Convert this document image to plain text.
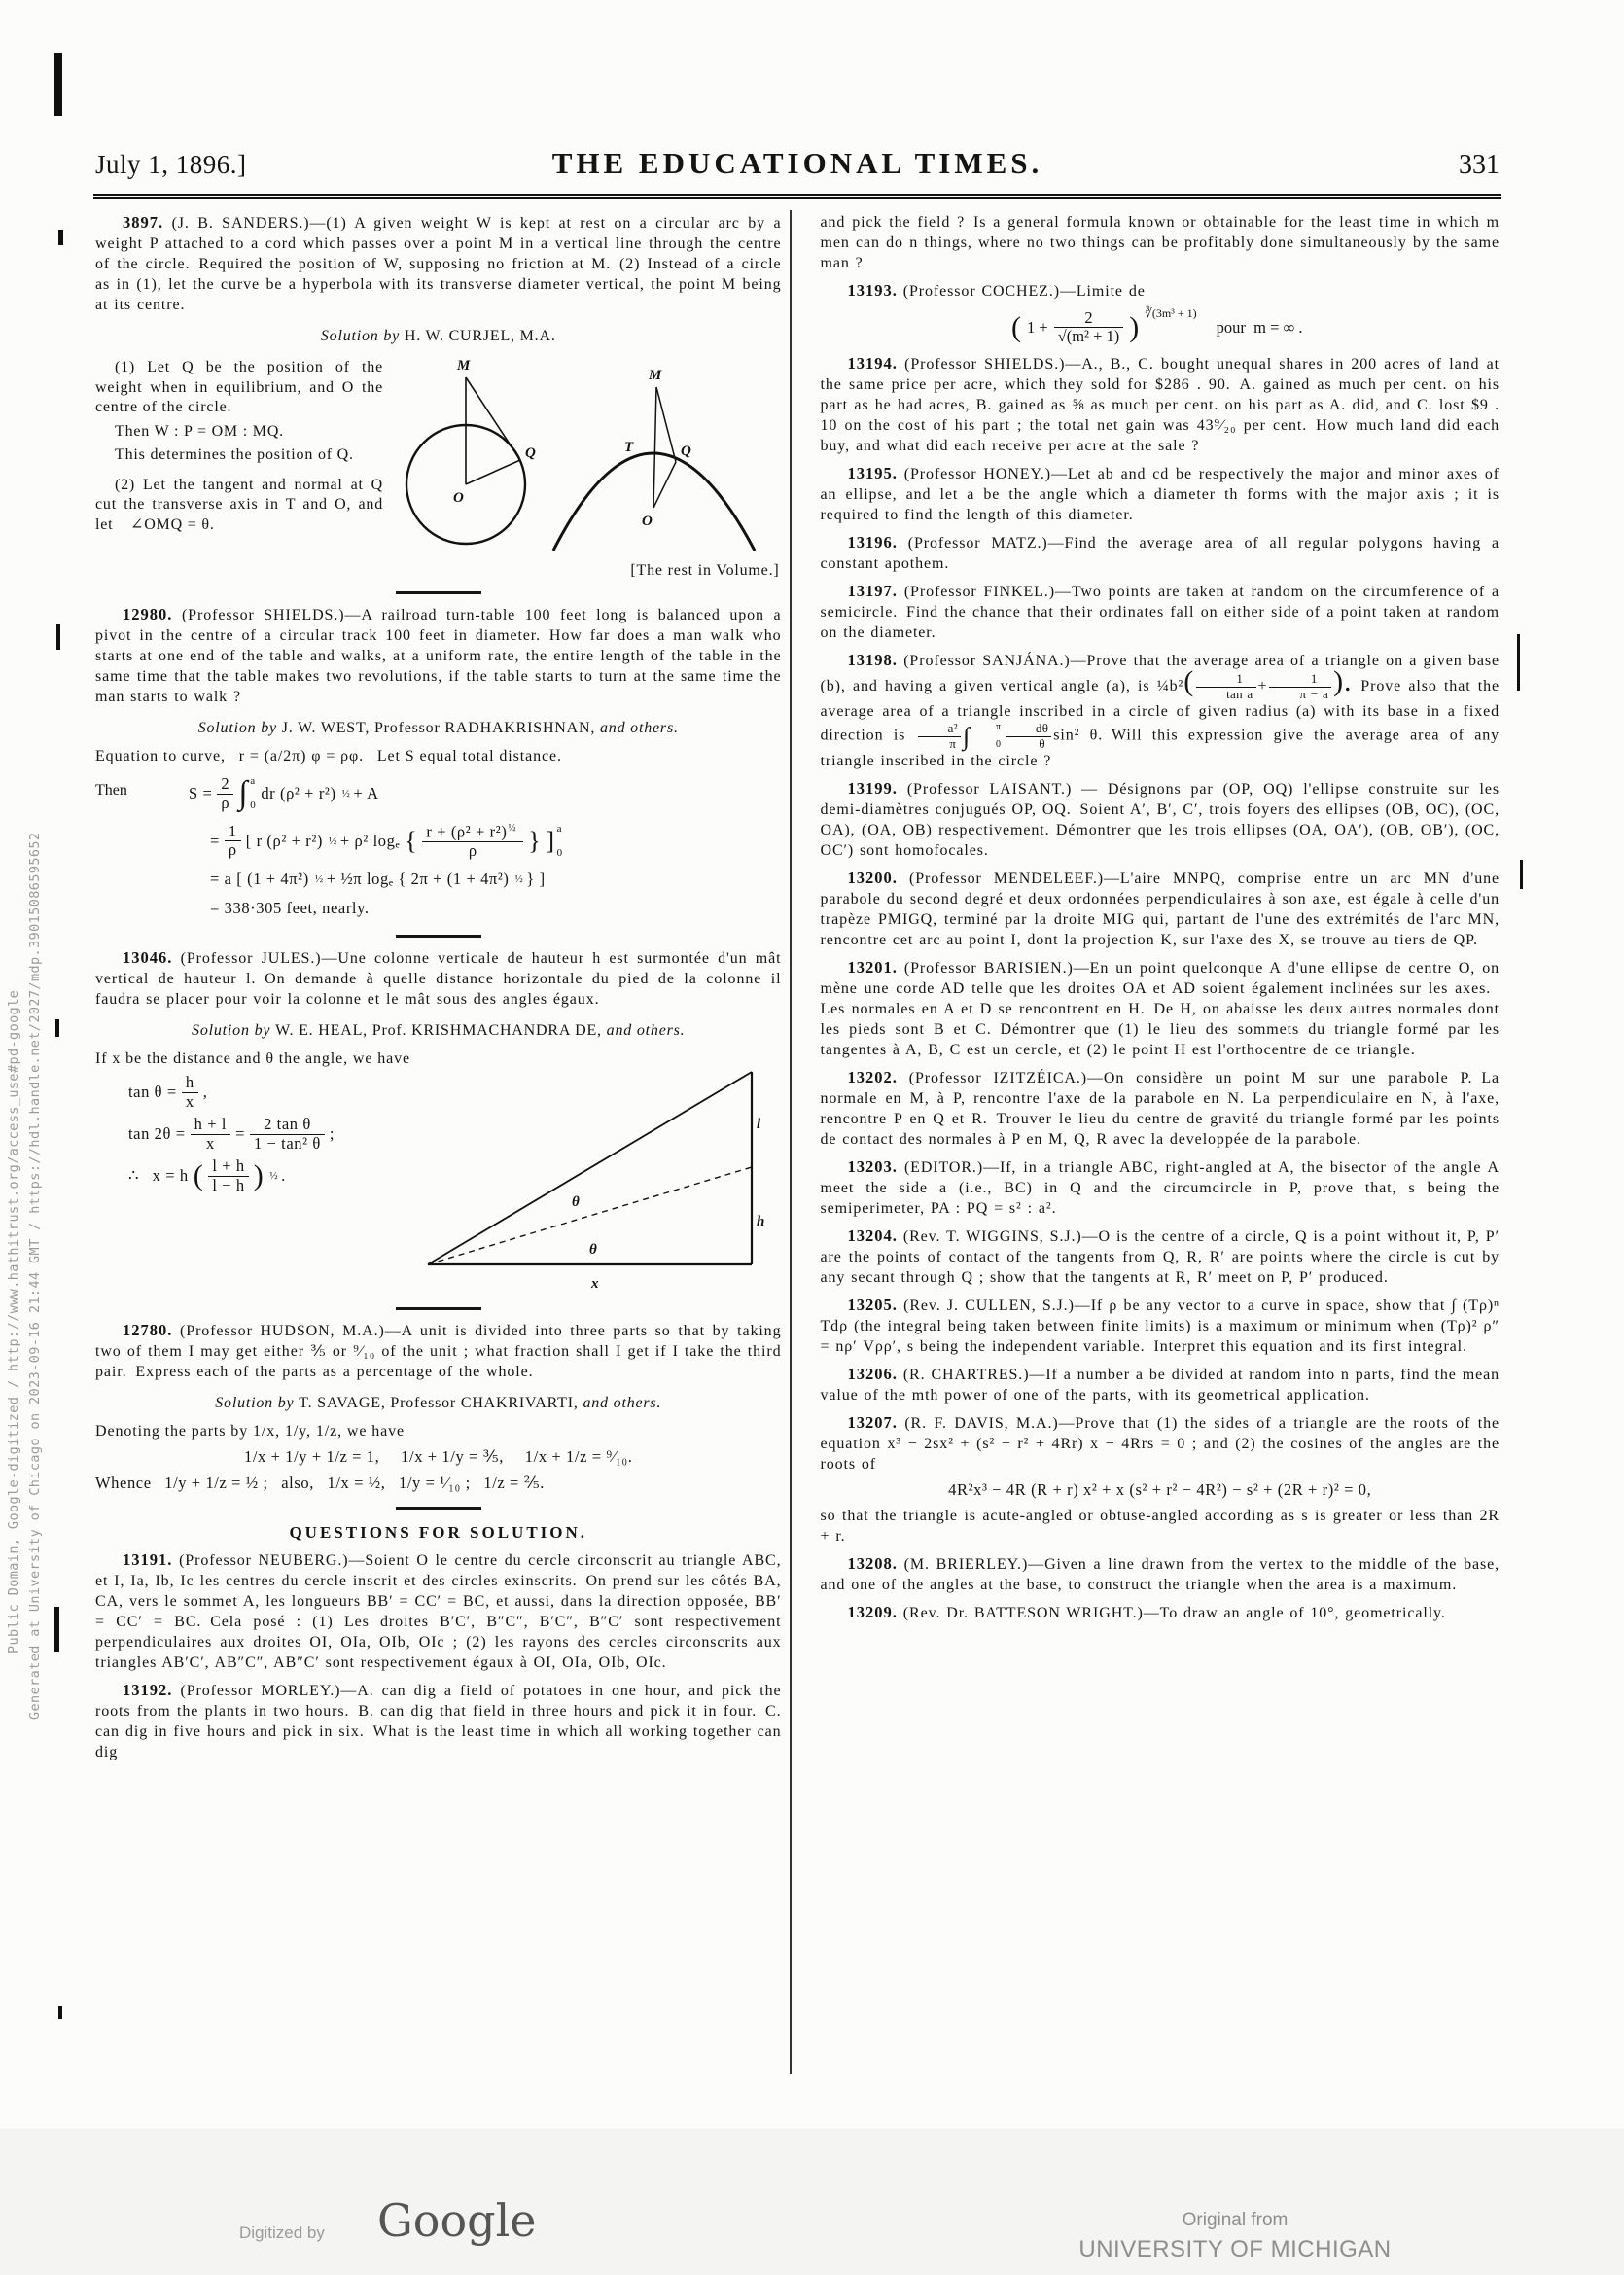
Generated at University of Chicago on 2023-09-16 21:44 GMT / https://hdl.handle.net/2027/mdp.39015086595652
Public Domain, Google-digitized / http://www.hathitrust.org/access_use#pd-google
July 1, 1896.]	THE EDUCATIONAL TIMES.	331

3897. (J. B. SANDERS.)—(1) A given weight W is kept at rest on a circular arc by a weight P attached to a cord which passes over a point M in a vertical line through the centre of the circle. Required the position of W, supposing no friction at M. (2) Instead of a circle as in (1), let the curve be a hyperbola with its transverse diameter vertical, the point M being at its centre.

Solution by H. W. CURJEL, M.A.

(1) Let Q be the position of the weight when in equilibrium, and O the centre of the circle.

Then W : P = OM : MQ.

This determines the position of Q.

(2) Let the tangent and normal at Q cut the transverse axis in T and O, and let  ∠OMQ = θ.

M
Q
O
M
T	Q
O
[The rest in Volume.]

12980. (Professor SHIELDS.)—A railroad turn-table 100 feet long is balanced upon a pivot in the centre of a circular track 100 feet in diameter. How far does a man walk who starts at one end of the table and walks, at a uniform rate, the entire length of the table in the same time that the table makes two revolutions, if the table starts to turn at the same time the man starts to walk ?

Solution by J. W. WEST, Professor RADHAKRISHNAN, and others.

Equation to curve,  r = (a/2π) φ = ρφ.  Let S equal total distance.

Then	$S = \frac{2}{\rho}$ ∫ a
0
dr (ρ² + r²) ½ + A
= $\frac{1}{\rho}$ [ r (ρ² + r²) ½ + ρ² logₑ { $r + (\rho^2 + r^2)^{\frac{1}{2}}$
ρ	} ] a
0
= a [ (1 + 4π²) ½ + ½π logₑ { 2π + (1 + 4π²) ½ } ]
= 338·305 feet, nearly.

13046. (Professor JULES.)—Une colonne verticale de hauteur h est surmontée d'un mât vertical de hauteur l. On demande à quelle distance horizontale du pied de la colonne il faudra se placer pour voir la colonne et le mât sous des angles égaux.

Solution by W. E. HEAL, Prof. KRISHMACHANDRA DE, and others.

If x be the distance and θ the angle, we have

$\tan \theta = \frac{h}{x}$ ,
$\tan 2\theta = \frac{h + l}{x} = \frac{\text{2 tan θ}}{\text{1 − tan² θ}}$ ;
∴  x = h ( l + h
l − h ) ½ .
l
h
θ
θ
x

12780. (Professor HUDSON, M.A.)—A unit is divided into three parts so that by taking two of them I may get either ⅗ or ⁹⁄₁₀ of the unit ; what fraction shall I get if I take the third pair. Express each of the parts as a percentage of the whole.

Solution by T. SAVAGE, Professor CHAKRIVARTI, and others.

Denoting the parts by 1/x, 1/y, 1/z, we have

1/x + 1/y + 1/z = 1,  1/x + 1/y = ⅗,  1/x + 1/z = ⁹⁄₁₀.

Whence  1/y + 1/z = ½ ;  also,  1/x = ½,  1/y = ¹⁄₁₀ ;  1/z = ⅖.

QUESTIONS FOR SOLUTION.

13191. (Professor NEUBERG.)—Soient O le centre du cercle circonscrit au triangle ABC, et I, Ia, Ib, Ic les centres du cercle inscrit et des circles exinscrits. On prend sur les côtés BA, CA, vers le sommet A, les longueurs BB′ = CC′ = BC, et aussi, dans la direction opposée, BB′ = CC′ = BC. Cela posé : (1) Les droites B′C′, B″C″, B′C″, B″C′ sont respectivement perpendiculaires aux droites OI, OIa, OIb, OIc ; (2) les rayons des cercles circonscrits aux triangles AB′C′, AB″C″, AB″C′ sont respectivement égaux à OI, OIa, OIb, OIc.

13192. (Professor MORLEY.)—A. can dig a field of potatoes in one hour, and pick the roots from the plants in two hours. B. can dig that field in three hours and pick it in four. C. can dig in five hours and pick in six. What is the least time in which all working together can dig

and pick the field ? Is a general formula known or obtainable for the least time in which m men can do n things, where no two things can be profitably done simultaneously by the same man ?

13193. (Professor COCHEZ.)—Limite de

( $1 + \frac{2}{\text{√(m² + 1)}}$ ) ∛(3m³ + 1)
pour m = ∞ .

13194. (Professor SHIELDS.)—A., B., C. bought unequal shares in 200 acres of land at the same price per acre, which they sold for $286 . 90. A. gained as much per cent. on his part as he had acres, B. gained as ⅝ as much per cent. on his part as A. did, and C. lost $9 . 10 on the cost of his part ; the total net gain was 43⁹⁄₂₀ per cent. How much land did each buy, and what did each receive per acre at the sale ?

13195. (Professor HONEY.)—Let ab and cd be respectively the major and minor axes of an ellipse, and let a be the angle which a diameter th forms with the major axis ; it is required to find the length of this diameter.

13196. (Professor MATZ.)—Find the average area of all regular polygons having a constant apothem.

13197. (Professor FINKEL.)—Two points are taken at random on the circumference of a semicircle. Find the chance that their ordinates fall on either side of a point taken at random on the diameter.

13198. (Professor SANJÁNA.)—Prove that the average area of a triangle on a given base (b), and having a given vertical angle (a), is ¼b²( $\frac{1}{\text{tan a}} + \frac{1}{\pi - a}$ ). Prove also that the average area of a triangle inscribed in a circle of given radius (a) with its base in a fixed direction is $\frac{\text{a²}}{\pi}$ ∫	π
$0 \frac{d\theta}{\theta} \sin^2$ θ. Will this expression give the average area of any triangle inscribed in the circle ?

13199. (Professor LAISANT.) — Désignons par (OP, OQ) l'ellipse construite sur les demi-diamètres conjugués OP, OQ. Soient A′, B′, C′, trois foyers des ellipses (OB, OC), (OC, OA), (OA, OB) respectivement. Démontrer que les trois ellipses (OA, OA′), (OB, OB′), (OC, OC′) sont homofocales.

13200. (Professor MENDELEEF.)—L'aire MNPQ, comprise entre un arc MN d'une parabole du second degré et deux ordonnées perpendiculaires à son axe, est égale à celle d'un trapèze PMIGQ, terminé par la droite MIG qui, partant de l'une des extrémités de l'arc MN, rencontre cet arc au point I, dont la projection K, sur l'axe des X, se trouve au tiers de QP.

13201. (Professor BARISIEN.)—En un point quelconque A d'une ellipse de centre O, on mène une corde AD telle que les droites OA et AD soient également inclinées sur les axes. Les normales en A et D se rencontrent en H. De H, on abaisse les deux autres normales dont les pieds sont B et C. Démontrer que (1) le lieu des sommets du triangle formé par les tangentes à A, B, C est un cercle, et (2) le point H est l'orthocentre de ce triangle.

13202. (Professor IZITZÉICA.)—On considère un point M sur une parabole P. La normale en M, à P, rencontre l'axe de la parabole en N. La perpendiculaire en N, à l'axe, rencontre P en Q et R. Trouver le lieu du centre de gravité du triangle formé par les points de contact des normales à P en M, Q, R avec la developpée de la parabole.

13203. (EDITOR.)—If, in a triangle ABC, right-angled at A, the bisector of the angle A meet the side a (i.e., BC) in Q and the circumcircle in P, prove that, s being the semiperimeter, PA : PQ = s² : a².

13204. (Rev. T. WIGGINS, S.J.)—O is the centre of a circle, Q is a point without it, P, P′ are the points of contact of the tangents from Q, R, R′ are points where the circle is cut by any secant through Q ; show that the tangents at R, R′ meet on P, P′ produced.

13205. (Rev. J. CULLEN, S.J.)—If ρ be any vector to a curve in space, show that ∫ (Tρ)ⁿ Tdρ (the integral being taken between finite limits) is a maximum or minimum when (Tρ)² ρ″ = nρ′ Vρρ′, s being the independent variable. Interpret this equation and its first integral.

13206. (R. CHARTRES.)—If a number a be divided at random into n parts, find the mean value of the mth power of one of the parts, with its geometrical application.

13207. (R. F. DAVIS, M.A.)—Prove that (1) the sides of a triangle are the roots of the equation x³ − 2sx² + (s² + r² + 4Rr) x − 4Rrs = 0 ; and (2) the cosines of the angles are the roots of

4R²x³ − 4R (R + r) x² + x (s² + r² − 4R²) − s² + (2R + r)² = 0,

so that the triangle is acute-angled or obtuse-angled according as s is greater or less than 2R + r.

13208. (M. BRIERLEY.)—Given a line drawn from the vertex to the middle of the base, and one of the angles at the base, to construct the triangle when the area is a maximum.

13209. (Rev. Dr. BATTESON WRIGHT.)—To draw an angle of 10°, geometrically.

Digitized by Google	Original from
UNIVERSITY OF MICHIGAN
